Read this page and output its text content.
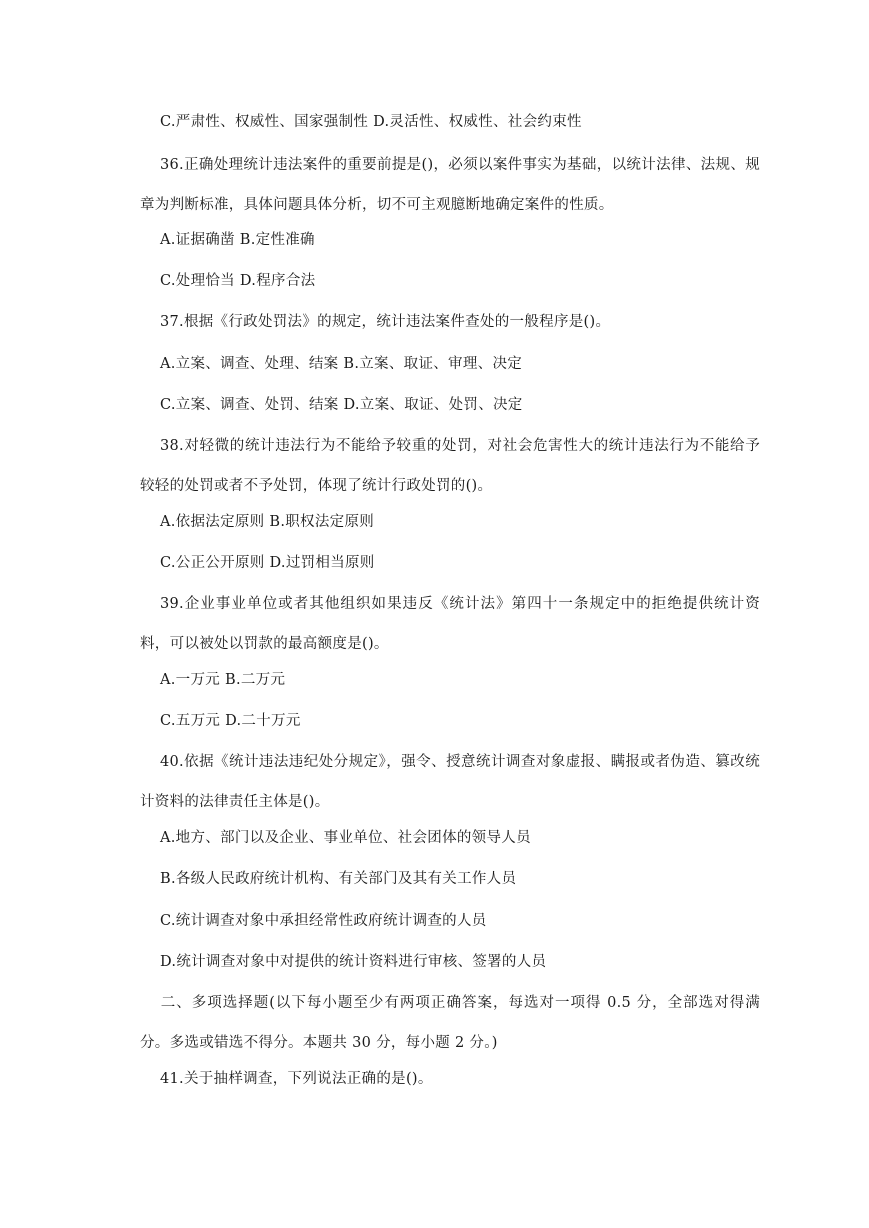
C.严肃性、权威性、国家强制性 D.灵活性、权威性、社会约束性
36.正确处理统计违法案件的重要前提是()，必须以案件事实为基础，以统计法律、法规、规章为判断标准，具体问题具体分析，切不可主观臆断地确定案件的性质。
A.证据确凿 B.定性准确
C.处理恰当 D.程序合法
37.根据《行政处罚法》的规定，统计违法案件查处的一般程序是()。
A.立案、调查、处理、结案 B.立案、取证、审理、决定
C.立案、调查、处罚、结案 D.立案、取证、处罚、决定
38.对轻微的统计违法行为不能给予较重的处罚，对社会危害性大的统计违法行为不能给予较轻的处罚或者不予处罚，体现了统计行政处罚的()。
A.依据法定原则 B.职权法定原则
C.公正公开原则 D.过罚相当原则
39.企业事业单位或者其他组织如果违反《统计法》第四十一条规定中的拒绝提供统计资料，可以被处以罚款的最高额度是()。
A.一万元 B.二万元
C.五万元 D.二十万元
40.依据《统计违法违纪处分规定》，强令、授意统计调查对象虚报、瞒报或者伪造、篡改统计资料的法律责任主体是()。
A.地方、部门以及企业、事业单位、社会团体的领导人员
B.各级人民政府统计机构、有关部门及其有关工作人员
C.统计调查对象中承担经常性政府统计调查的人员
D.统计调查对象中对提供的统计资料进行审核、签署的人员
二、多项选择题(以下每小题至少有两项正确答案，每选对一项得 0.5 分，全部选对得满分。多选或错选不得分。本题共 30 分，每小题 2 分。)
41.关于抽样调查，下列说法正确的是()。
